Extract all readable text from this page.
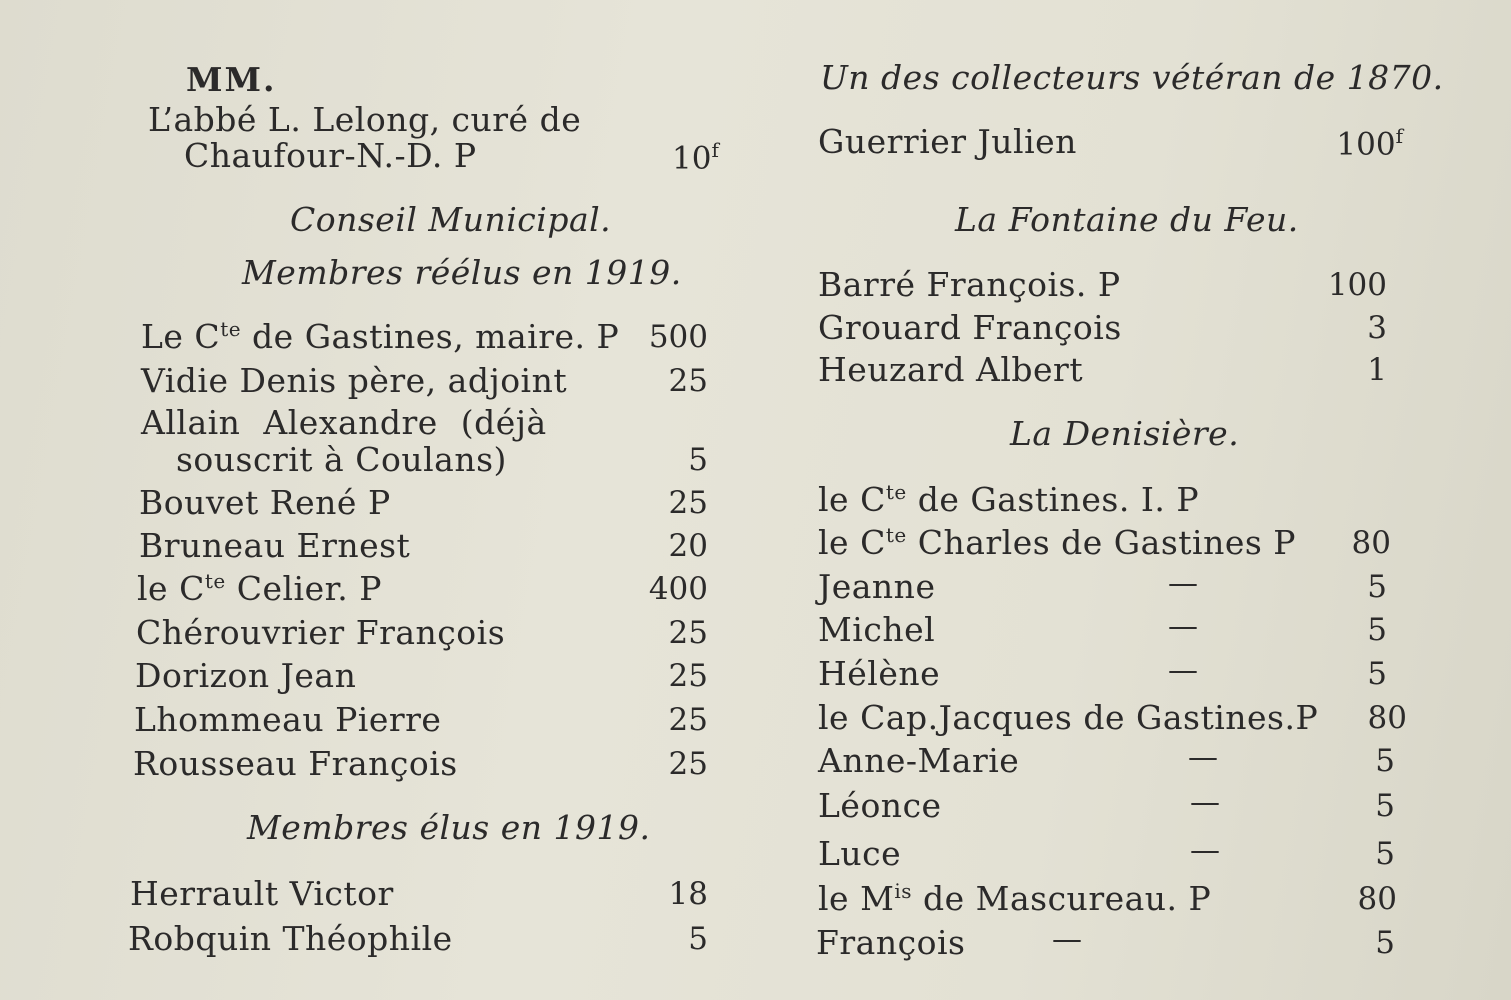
MM.
L’abbé L. Lelong, curé de
Chaufour-N.-D. P	10$^f$
Conseil Municipal.
Membres réélus en 1919.
Le $C^{te}$ de Gastines, maire. P 500
Vidie Denis père, adjoint	25
Allain Alexandre (déjà
souscrit à Coulans)	5
Bouvet René P	25
Bruneau Ernest	20
le $C^{te}$ Celier. P	400
Chérouvrier François	25
Dorizon Jean	25
Lhommeau Pierre	25
Rousseau François	25
Membres élus en 1919.
Herrault Victor	18
Robquin Théophile	5
Un des collecteurs vétéran de 1870.
Guerrier Julien	100$^f$
La Fontaine du Feu.
Barré François. P	100
Grouard François	3
Heuzard Albert	1
La Denisière.
le $C^{te}$ de Gastines. I. P
le $C^{te}$ Charles de Gastines P 80
Jeanne	—	5
Michel	—	5
Hélène	—	5
le Cap.Jacques de Gastines.P 80
Anne-Marie	—	5
Léonce	—	5
Luce	—	5
le $M^{is}$ de Mascureau. P	80
François	—	5
